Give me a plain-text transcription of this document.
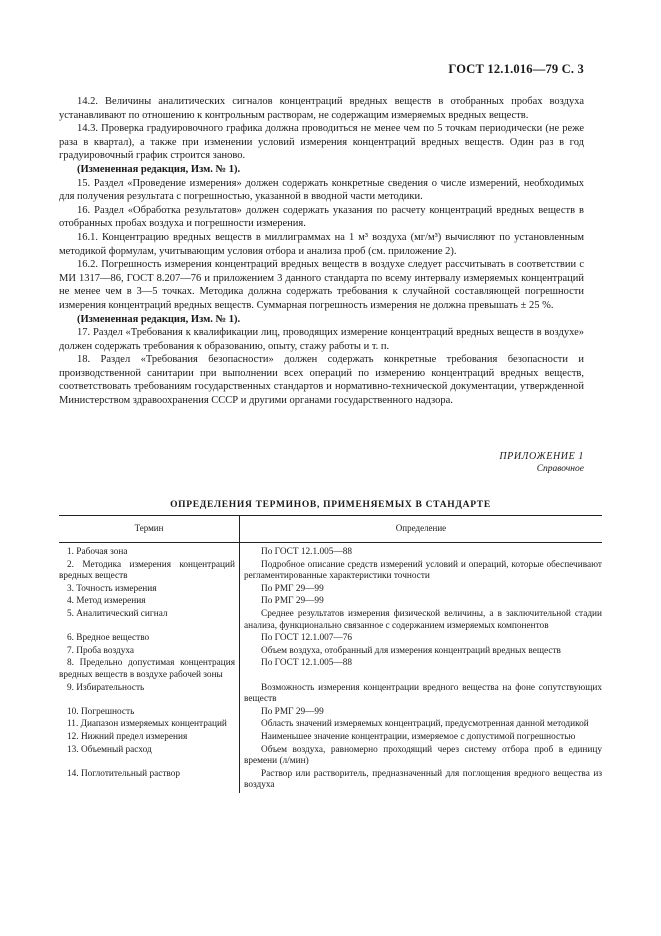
ГОСТ 12.1.016—79 С. 3

14.2. Величины аналитических сигналов концентраций вредных веществ в отобранных пробах воздуха устанавливают по отношению к контрольным растворам, не содержащим измеряемых вредных веществ.

14.3. Проверка градуировочного графика должна проводиться не менее чем по 5 точкам периодически (не реже раза в квартал), а также при изменении условий измерения концентраций вредных веществ. Один раз в год градуировочный график строится заново.

(Измененная редакция, Изм. № 1).

15. Раздел «Проведение измерения» должен содержать конкретные сведения о числе измерений, необходимых для получения результата с погрешностью, указанной в вводной части методики.

16. Раздел «Обработка результатов» должен содержать указания по расчету концентраций вредных веществ в отобранных пробах воздуха и погрешности измерения.

16.1. Концентрацию вредных веществ в миллиграммах на 1 м³ воздуха (мг/м³) вычисляют по установленным методикой формулам, учитывающим условия отбора и анализа проб (см. приложение 2).

16.2. Погрешность измерения концентраций вредных веществ в воздухе следует рассчитывать в соответствии с МИ 1317—86, ГОСТ 8.207—76 и приложением 3 данного стандарта по всему интервалу измеряемых концентраций не менее чем в 3—5 точках. Методика должна содержать требования к случайной составляющей погрешности измерения концентраций вредных веществ. Суммарная погрешность измерения не должна превышать ± 25 %.

(Измененная редакция, Изм. № 1).

17. Раздел «Требования к квалификации лиц, проводящих измерение концентраций вредных веществ в воздухе» должен содержать требования к образованию, опыту, стажу работы и т. п.

18. Раздел «Требования безопасности» должен содержать конкретные требования безопасности и производственной санитарии при выполнении всех операций по измерению концентраций вредных веществ, соответствовать требованиям государственных стандартов и нормативно-технической документации, утвержденной Министерством здравоохранения СССР и другими органами государственного надзора.

ПРИЛОЖЕНИЕ 1
Справочное
ОПРЕДЕЛЕНИЯ ТЕРМИНОВ, ПРИМЕНЯЕМЫХ В СТАНДАРТЕ
Термин	Определение

1. Рабочая зона	По ГОСТ 12.1.005—88

2. Методика измерения концентраций вредных веществ	Подробное описание средств измерений условий и операций, которые обеспечивают регламентированные характеристики точности

3. Точность измерения	По РМГ 29—99

4. Метод измерения	По РМГ 29—99

5. Аналитический сигнал	Среднее результатов измерения физической величины, а в заключительной стадии анализа, функционально связанное с содержанием измеряемых компонентов

6. Вредное вещество	По ГОСТ 12.1.007—76

7. Проба воздуха	Объем воздуха, отобранный для измерения концентраций вредных веществ

8. Предельно допустимая концентрация вредных веществ в воздухе рабочей зоны	По ГОСТ 12.1.005—88

9. Избирательность	Возможность измерения концентрации вредного вещества на фоне сопутствующих веществ

10. Погрешность	По РМГ 29—99

11. Диапазон измеряемых концентраций	Область значений измеряемых концентраций, предусмотренная данной методикой

12. Нижний предел измерения	Наименьшее значение концентрации, измеряемое с допустимой погрешностью

13. Объемный расход	Объем воздуха, равномерно проходящий через систему отбора проб в единицу времени (л/мин)

14. Поглотительный раствор	Раствор или растворитель, предназначенный для поглощения вредного вещества из воздуха
